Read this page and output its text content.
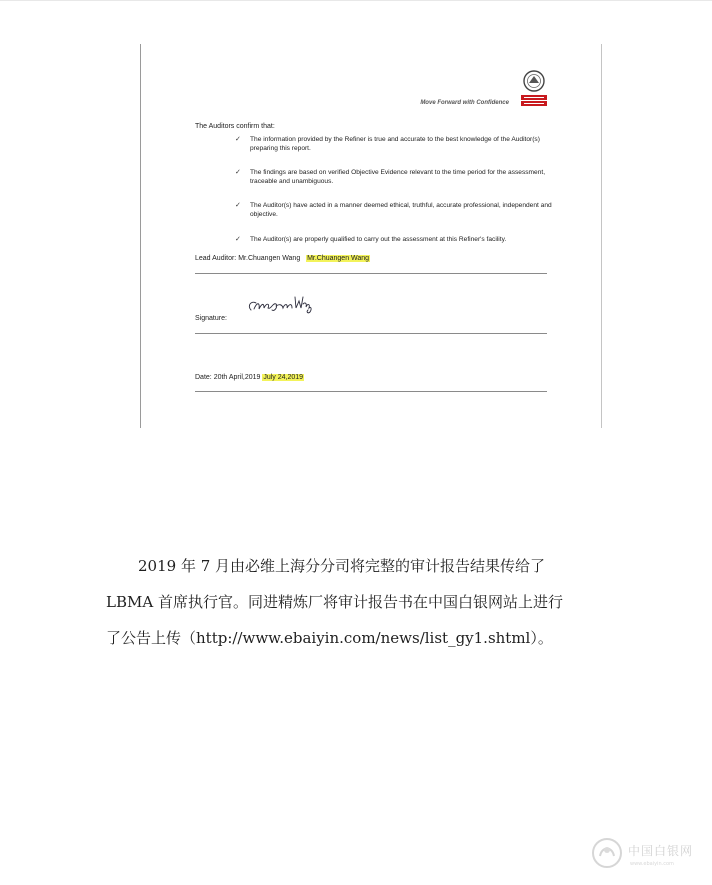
Move Forward with Confidence
The Auditors confirm that:
✓ The information provided by the Refiner is true and accurate to the best knowledge of the Auditor(s) preparing this report.
✓ The findings are based on verified Objective Evidence relevant to the time period for the assessment, traceable and unambiguous.
✓ The Auditor(s) have acted in a manner deemed ethical, truthful, accurate professional, independent and objective.
✓ The Auditor(s) are properly qualified to carry out the assessment at this Refiner's facility.
Lead Auditor: Mr.Chuangen Wang Mr.Chuangen Wang
Signature:
Date: 20th April,2019 July 24,2019
2019 年 7 月由必维上海分分司将完整的审计报告结果传给了
LBMA 首席执行官。同进精炼厂将审计报告书在中国白银网站上进行
了公告上传（http://www.ebaiyin.com/news/list_gy1.shtml）。
中国白银网
www.ebaiyin.com
